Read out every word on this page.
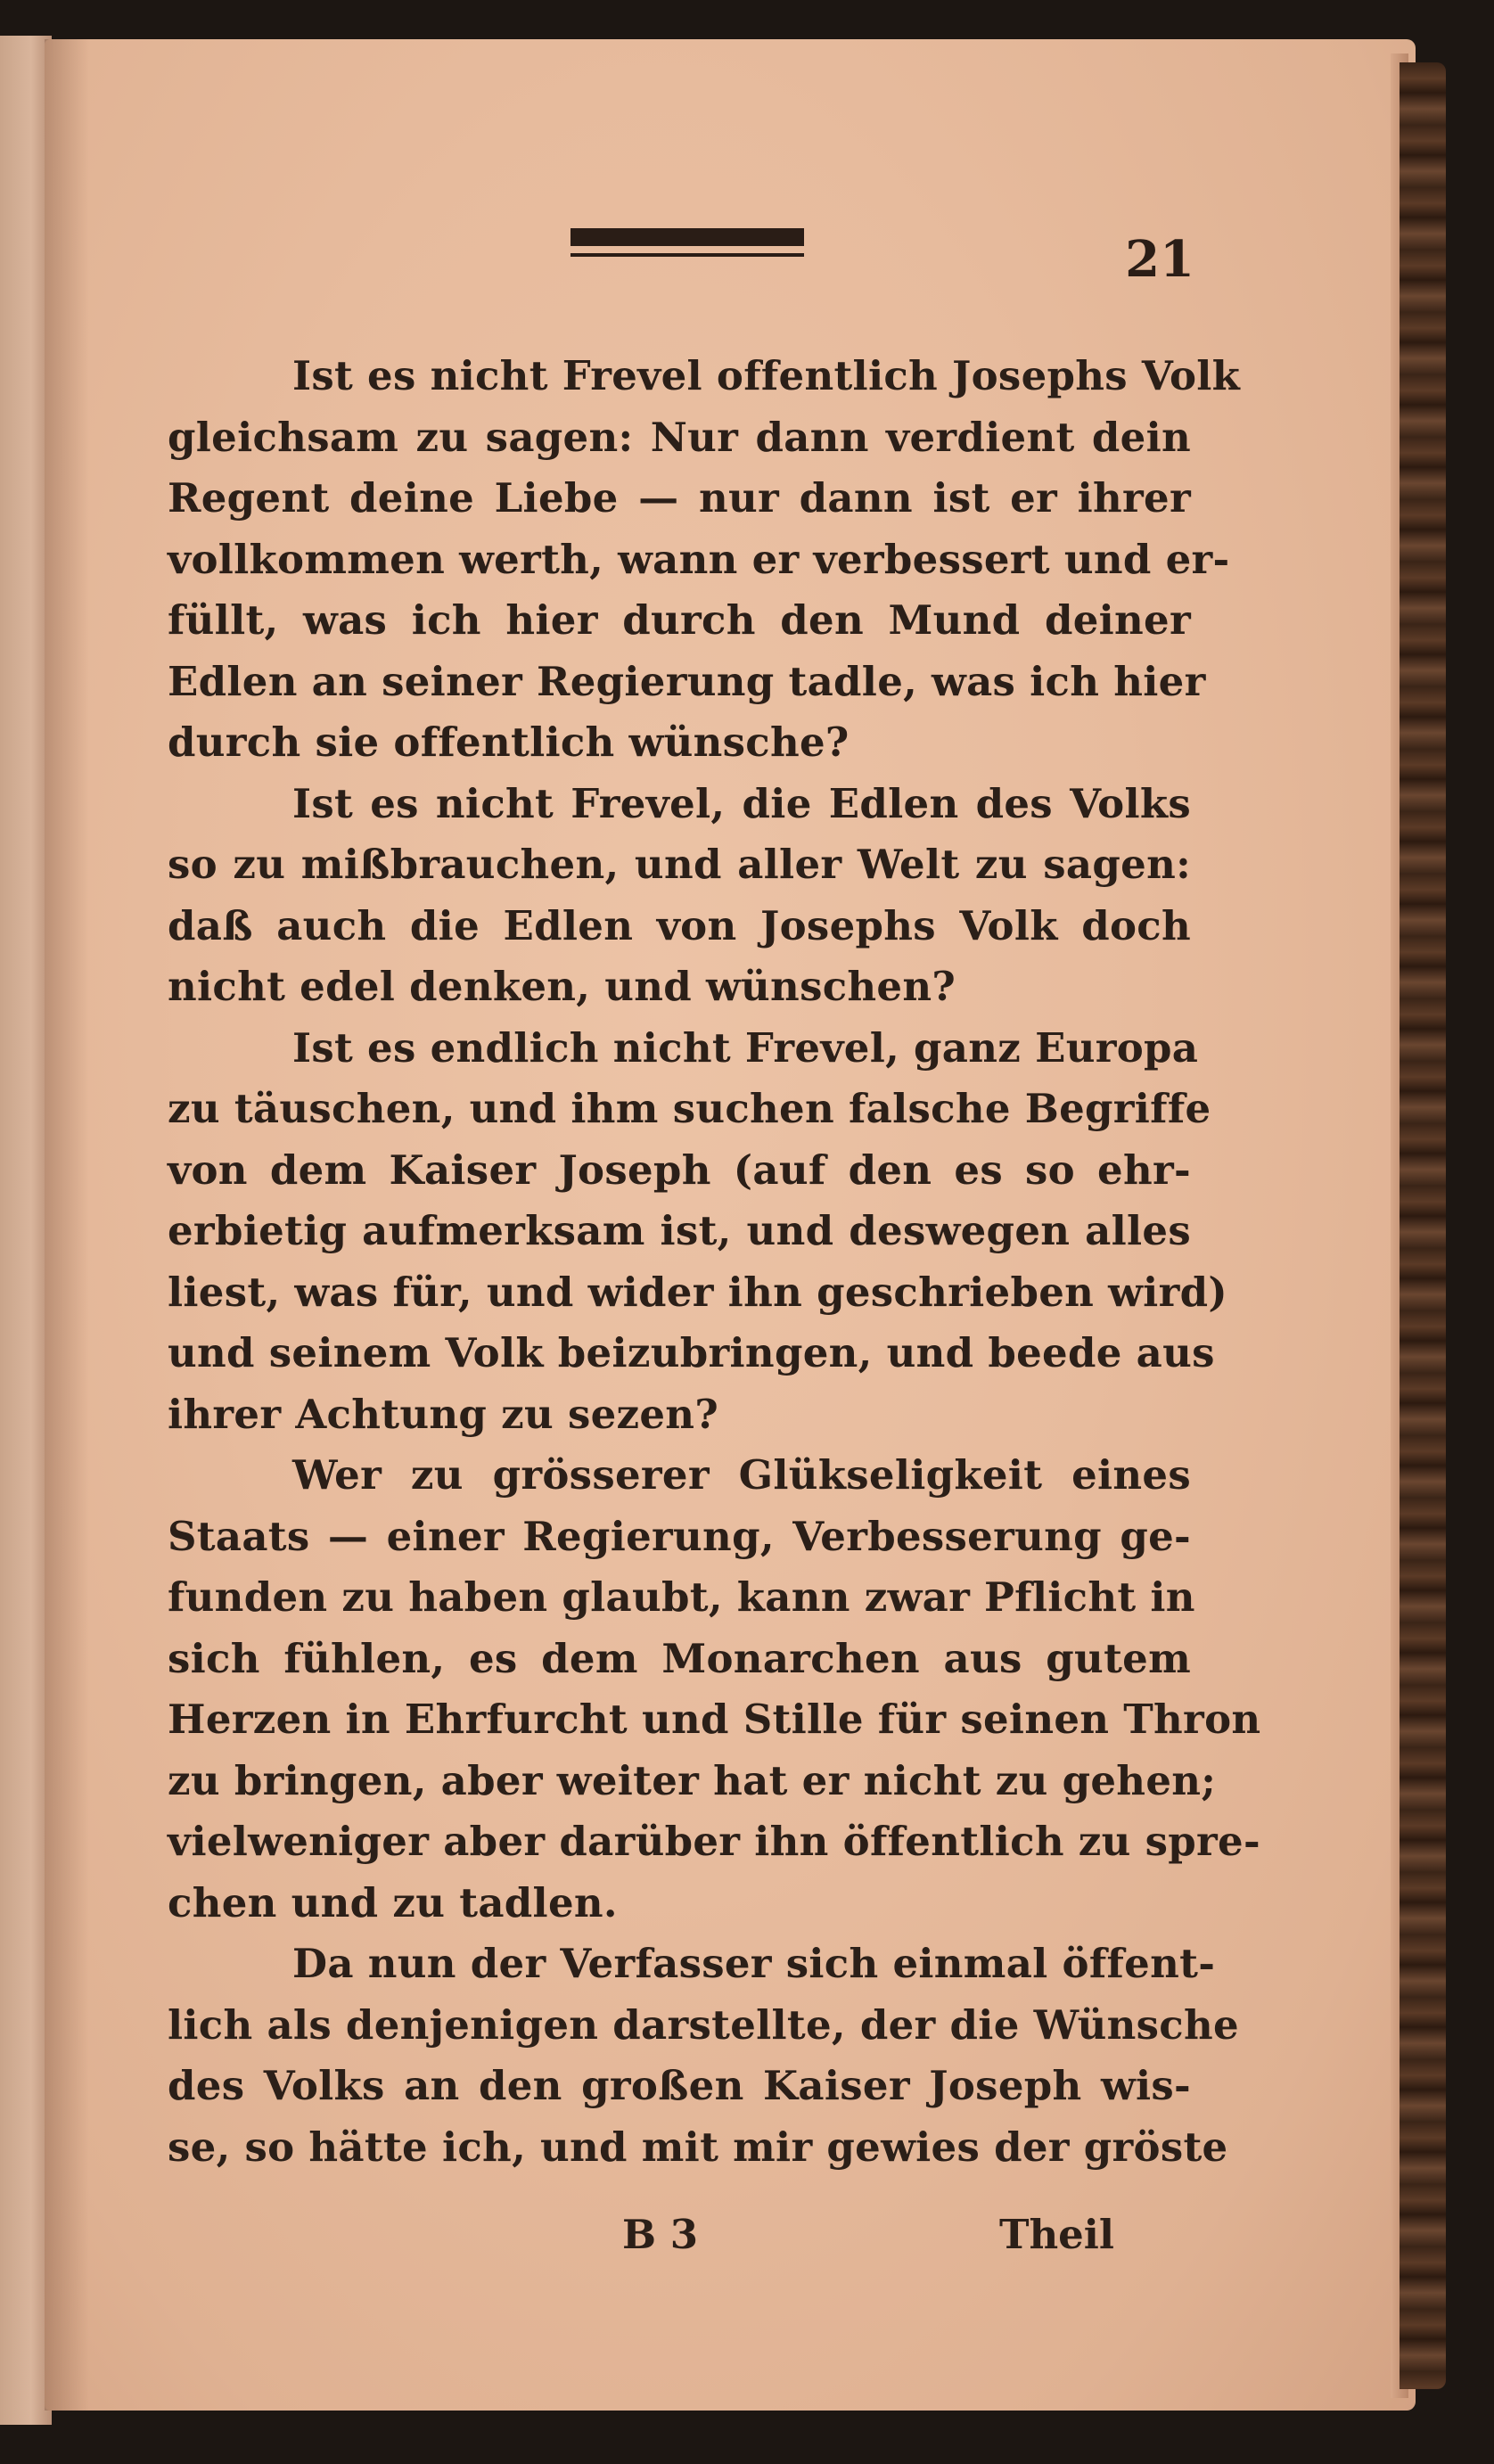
21
Ist es nicht Frevel offentlich Josephs Volk
gleichsam zu sagen: Nur dann verdient dein
Regent deine Liebe — nur dann ist er ihrer
vollkommen werth, wann er verbessert und er-
füllt, was ich hier durch den Mund deiner
Edlen an seiner Regierung tadle, was ich hier
durch sie offentlich wünsche?
Ist es nicht Frevel, die Edlen des Volks
so zu mißbrauchen, und aller Welt zu sagen:
daß auch die Edlen von Josephs Volk doch
nicht edel denken, und wünschen?
Ist es endlich nicht Frevel, ganz Europa
zu täuschen, und ihm suchen falsche Begriffe
von dem Kaiser Joseph (auf den es so ehr-
erbietig aufmerksam ist, und deswegen alles
liest, was für, und wider ihn geschrieben wird)
und seinem Volk beizubringen, und beede aus
ihrer Achtung zu sezen?
Wer zu grösserer Glükseligkeit eines
Staats — einer Regierung, Verbesserung ge-
funden zu haben glaubt, kann zwar Pflicht in
sich fühlen, es dem Monarchen aus gutem
Herzen in Ehrfurcht und Stille für seinen Thron
zu bringen, aber weiter hat er nicht zu gehen;
vielweniger aber darüber ihn öffentlich zu spre-
chen und zu tadlen.
Da nun der Verfasser sich einmal öffent-
lich als denjenigen darstellte, der die Wünsche
des Volks an den großen Kaiser Joseph wis-
se, so hätte ich, und mit mir gewies der gröste
B 3	Theil
